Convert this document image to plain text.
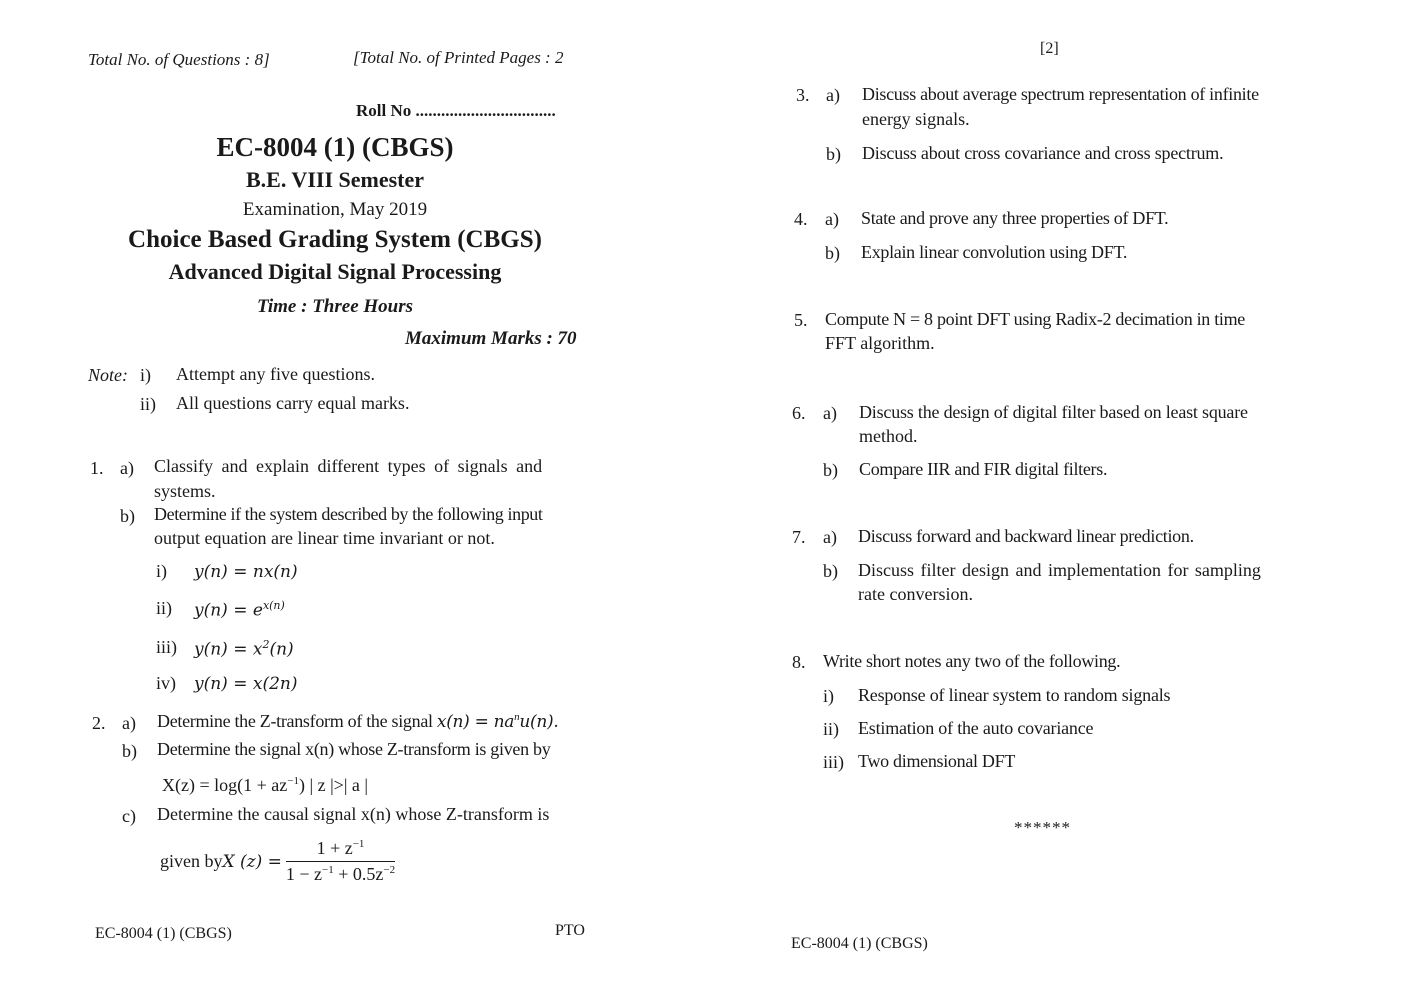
Total No. of Questions : 8]	[Total No. of Printed Pages : 2
Roll No .................................
EC-8004 (1) (CBGS)
B.E. VIII Semester
Examination, May 2019
Choice Based Grading System (CBGS)
Advanced Digital Signal Processing
Time : Three Hours
Maximum Marks : 70
Note: i) Attempt any five questions.
ii) All questions carry equal marks.
1. a) Classify and explain different types of signals and
systems.
b) Determine if the system described by the following input
output equation are linear time invariant or not.
i) y(n) = nx(n)
ii) $y(n) = e^{x(n)}$
iii) $y(n) = x^2(n)$
iv) y(n) = x(2n)
2. a) Determine the Z-transform of the signal $x(n) = na^nu(n)$.
b) Determine the signal x(n) whose Z-transform is given by
$X(z) = \log(1 + az^{-1})$ | z |>| a |
c) Determine the causal signal x(n) whose Z-transform is
given byX $(z) = \frac{1 + z^{-1}}{1 - z^{-1} + 0.5z^{-2}}$
EC-8004 (1) (CBGS)	PTO
[2]
3. a) Discuss about average spectrum representation of infinite
energy signals.
b) Discuss about cross covariance and cross spectrum.
4. a) State and prove any three properties of DFT.
b) Explain linear convolution using DFT.
5. Compute N = 8 point DFT using Radix-2 decimation in time
FFT algorithm.
6. a) Discuss the design of digital filter based on least square
method.
b) Compare IIR and FIR digital filters.
7. a) Discuss forward and backward linear prediction.
b) Discuss filter design and implementation for sampling
rate conversion.
8. Write short notes any two of the following.
i) Response of linear system to random signals
ii) Estimation of the auto covariance
iii) Two dimensional DFT
******
EC-8004 (1) (CBGS)
